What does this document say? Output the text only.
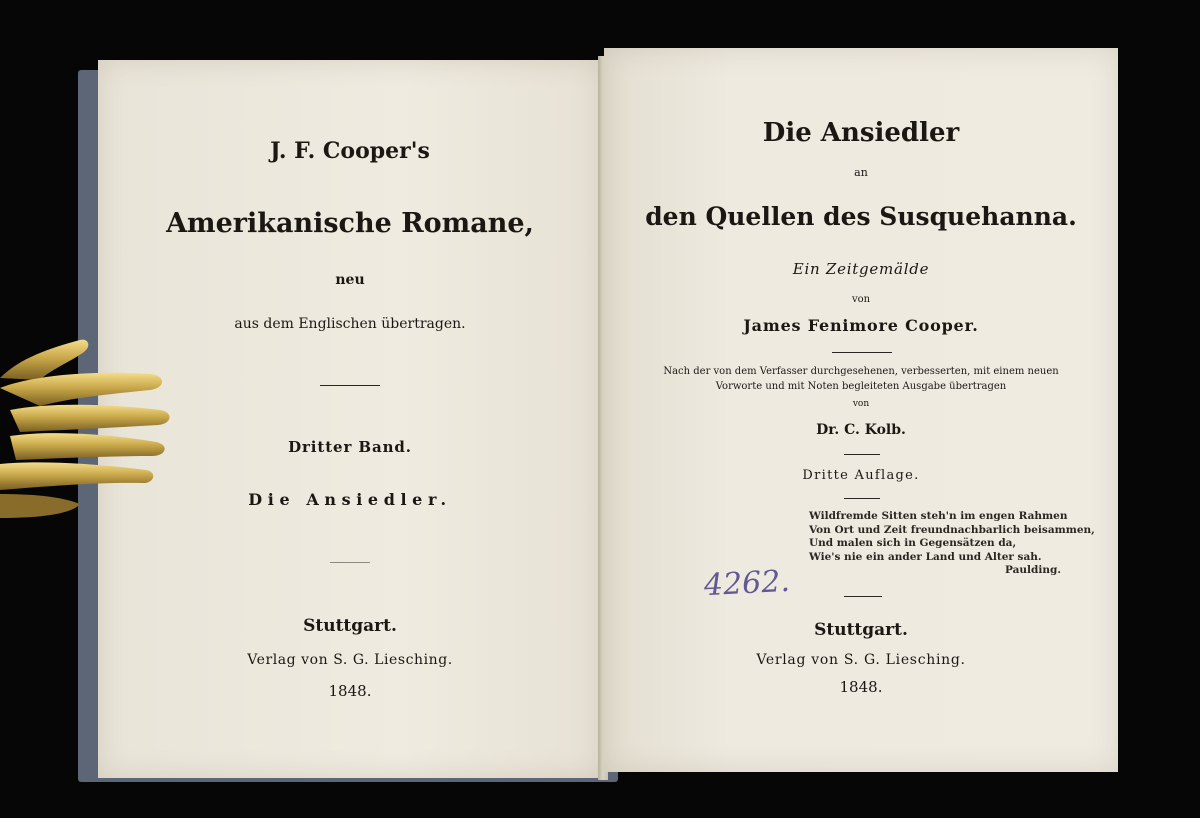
J. F. Cooper's
Amerikanische Romane,
neu
aus dem Englischen übertragen.
Dritter Band.
Die Ansiedler.
Stuttgart.
Verlag von S. G. Liesching.
1848.
Die Ansiedler
an
den Quellen des Susquehanna.
Ein Zeitgemälde
von
James Fenimore Cooper.
Nach der von dem Verfasser durchgesehenen, verbesserten, mit einem neuen
Vorworte und mit Noten begleiteten Ausgabe übertragen
von
Dr. C. Kolb.
Dritte Auflage.
Wildfremde Sitten steh'n im engen Rahmen
Von Ort und Zeit freundnachbarlich beisammen,
Und malen sich in Gegensätzen da,
Wie's nie ein ander Land und Alter sah.
Paulding.
4262.
Stuttgart.
Verlag von S. G. Liesching.
1848.
